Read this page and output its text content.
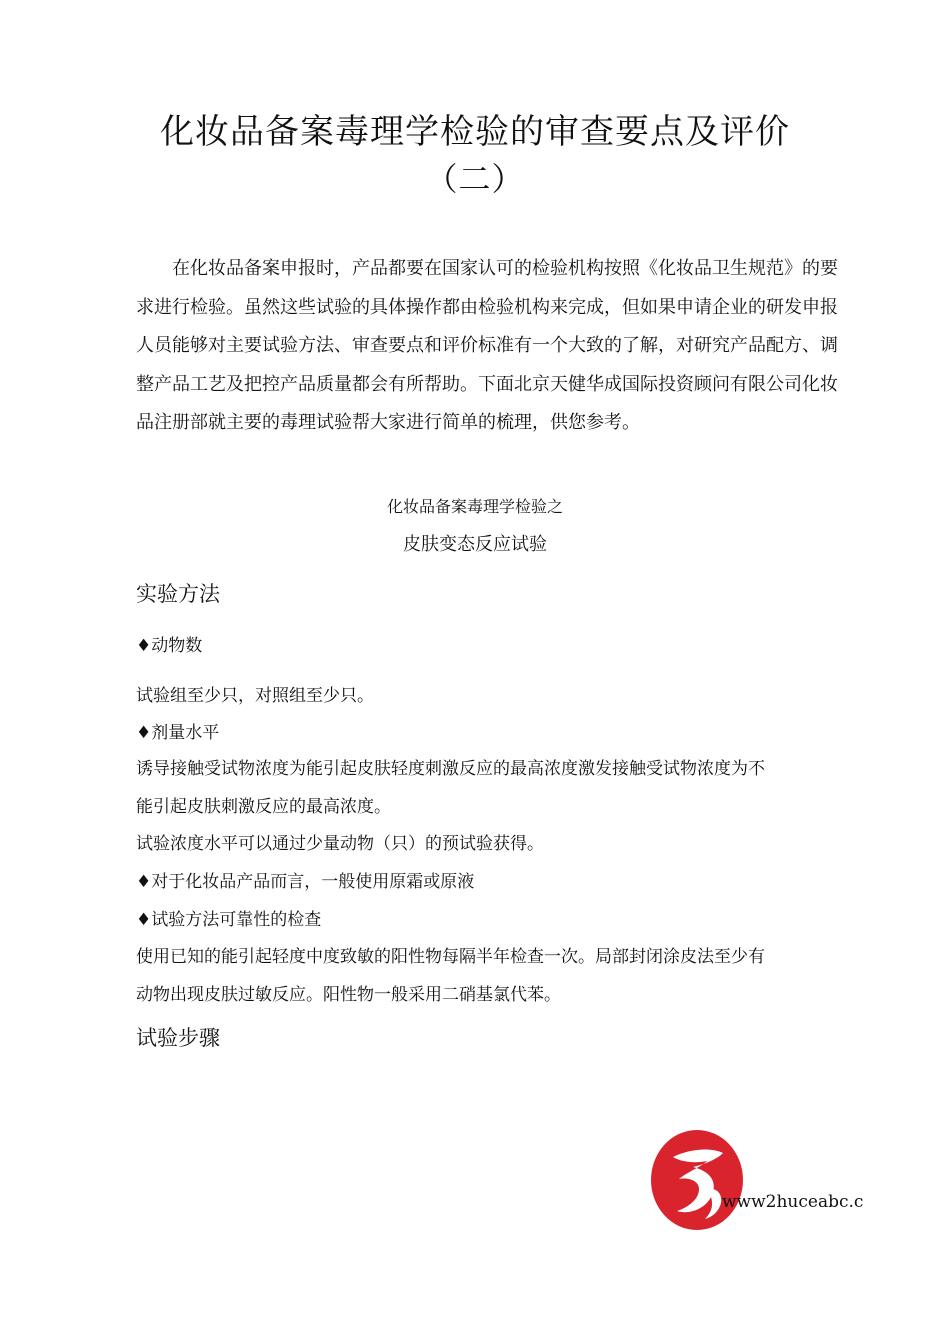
化妆品备案毒理学检验的审查要点及评价
（二）

在化妆品备案申报时，产品都要在国家认可的检验机构按照《化妆品卫生规范》的要求进行检验。虽然这些试验的具体操作都由检验机构来完成，但如果申请企业的研发申报人员能够对主要试验方法、审查要点和评价标准有一个大致的了解，对研究产品配方、调整产品工艺及把控产品质量都会有所帮助。下面北京天健华成国际投资顾问有限公司化妆品注册部就主要的毒理试验帮大家进行简单的梳理，供您参考。

化妆品备案毒理学检验之
皮肤变态反应试验
实验方法
♦动物数
试验组至少只，对照组至少只。
♦剂量水平
诱导接触受试物浓度为能引起皮肤轻度刺激反应的最高浓度激发接触受试物浓度为不
能引起皮肤刺激反应的最高浓度。
试验浓度水平可以通过少量动物（只）的预试验获得。
♦对于化妆品产品而言，一般使用原霜或原液
♦试验方法可靠性的检查
使用已知的能引起轻度中度致敏的阳性物每隔半年检查一次。局部封闭涂皮法至少有
动物出现皮肤过敏反应。阳性物一般采用二硝基氯代苯。
试验步骤
www2huceabc.c
